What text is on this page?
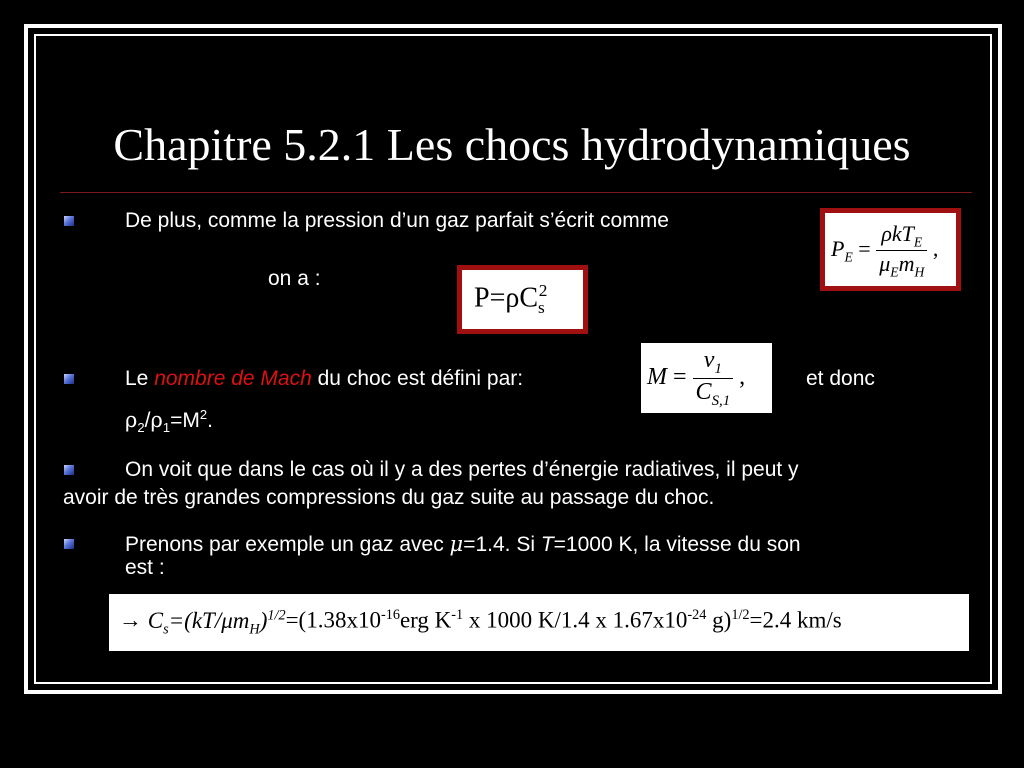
Chapitre 5.2.1 Les chocs hydrodynamiques
De plus, comme la pression d’un gaz parfait s’écrit comme
$P_E = \frac{\rho kT_E}{\mu_Em_H}$ ,
on a :
$P=\rho C_s^2$
Le nombre de Mach du choc est défini par:	$M = \frac{v_1}{C_{S,1}}$ ,	et donc
$\rho_2/\rho_1=M^2$.
On voit que dans le cas où il y a des pertes d’énergie radiatives, il peut y
avoir de très grandes compressions du gaz suite au passage du choc.
Prenons par exemple un gaz avec μ=1.4. Si T=1000 K, la vitesse du son
est :
→ $C_s=(kT/\mu m_H)^{1/2}=(1.38x10^{-16}erg$ $K^{-1}$ x 1000 K/1.4 x $1.67x10^{-24}$ g)$^{1/2}$=2.4 km/s
